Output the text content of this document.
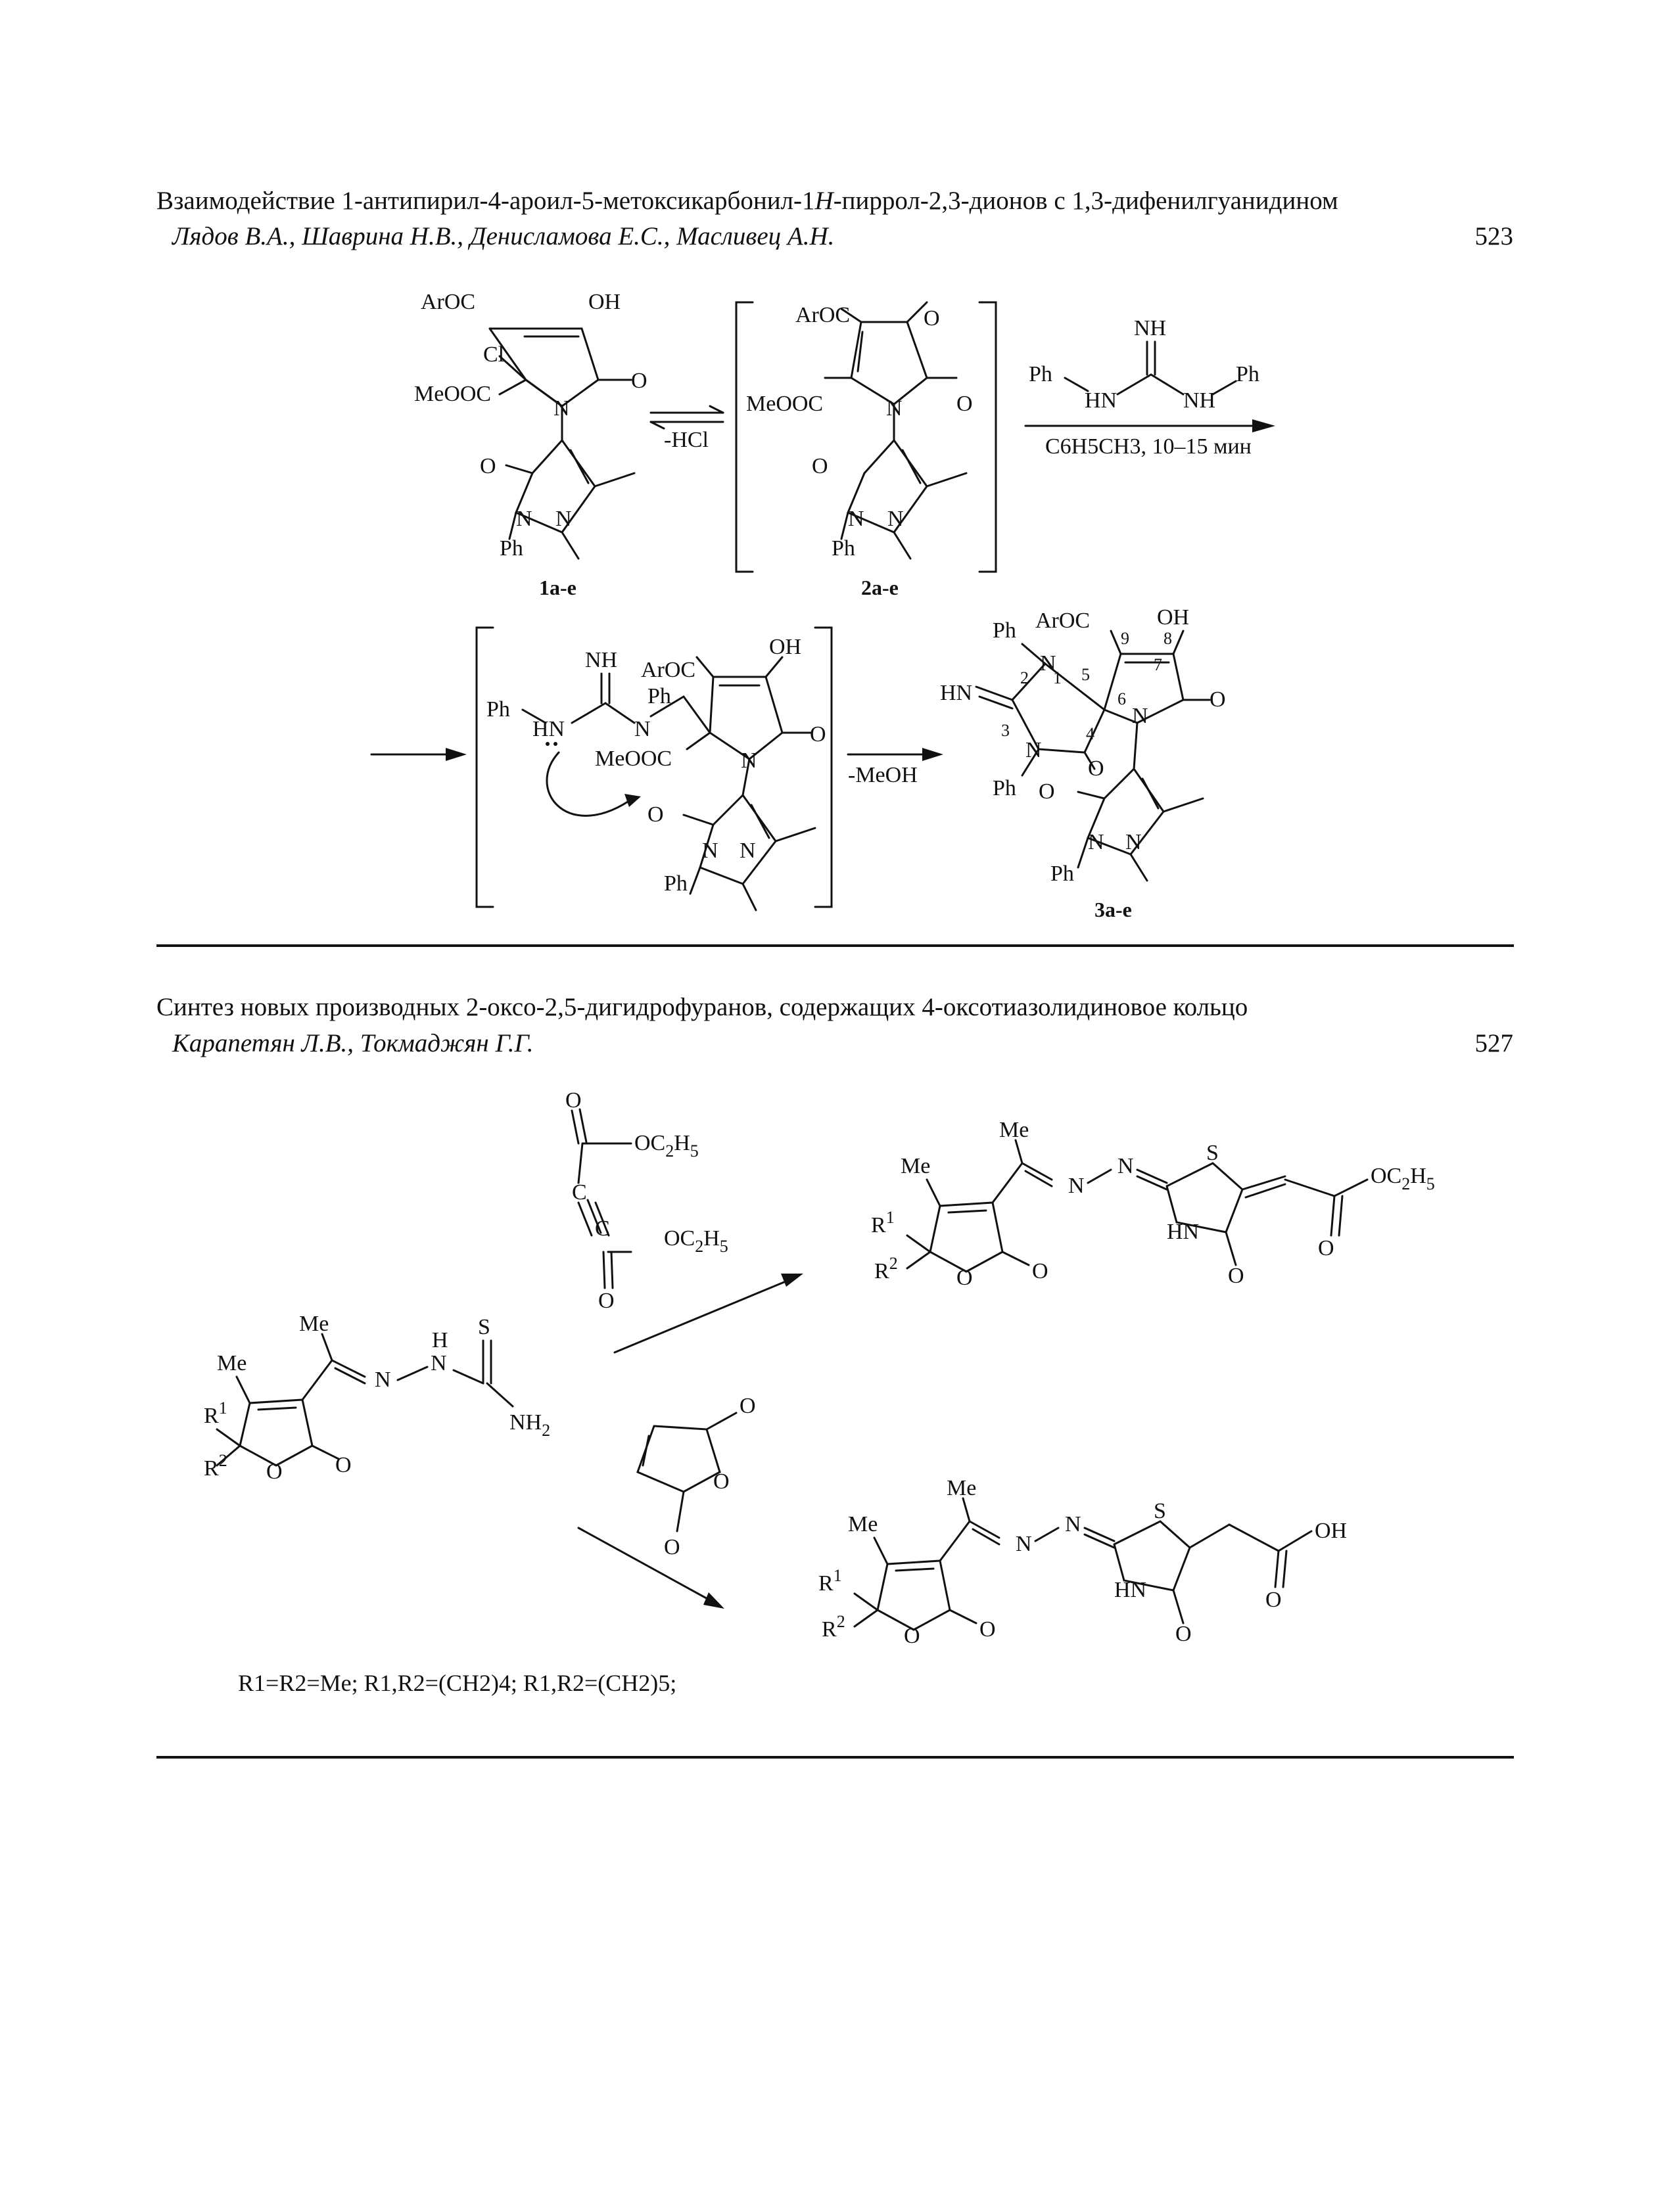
Взаимодействие 1-антипирил-4-ароил-5-метоксикарбонил-1H-пиррол-2,3-дионов с 1,3-дифенилгуанидином
Лядов В.А., Шаврина Н.В., Денисламова Е.С., Масливец А.Н.	523
ArOC	OH
Cl
MeOOC
O
N
O
N N
Ph
1a-e
-HCl
ArOC	O
MeOOC	O
N
O
N N
Ph
2a-e
NH
Ph
HN	NH
Ph
C6H5CH3, 10–15 мин
NH
Ph
HN	N
ArOC
Ph
OH
O
MeOOC	N
O
N N
Ph
-MeOH
ArOC	OH
Ph
N
HN
N
O
O
N
Ph O
N N
Ph
1
2
3	4
5
6
7
8
9
3a-e
Синтез новых производных 2-оксо-2,5-дигидрофуранов, содержащих 4-оксотиазолидиновое кольцо
Карапетян Л.В., Токмаджян Г.Г.	527
Me
Me
$R^1$
$R^2$ O O
N
H
N
S
$NH_2$
O
$OC_2H_5$
C
C $OC_2H_5$
O
O
O
O
Me
Me
$R^1$
$R^2$
O	O
N
N
S
HN
O
O
$OC_2H_5$
Me
Me
$R^1$
$R^2$
O	O
N
N
S
HN
O
O
OH
R1=R2=Me; R1,R2=(CH2)4; R1,R2=(CH2)5;
